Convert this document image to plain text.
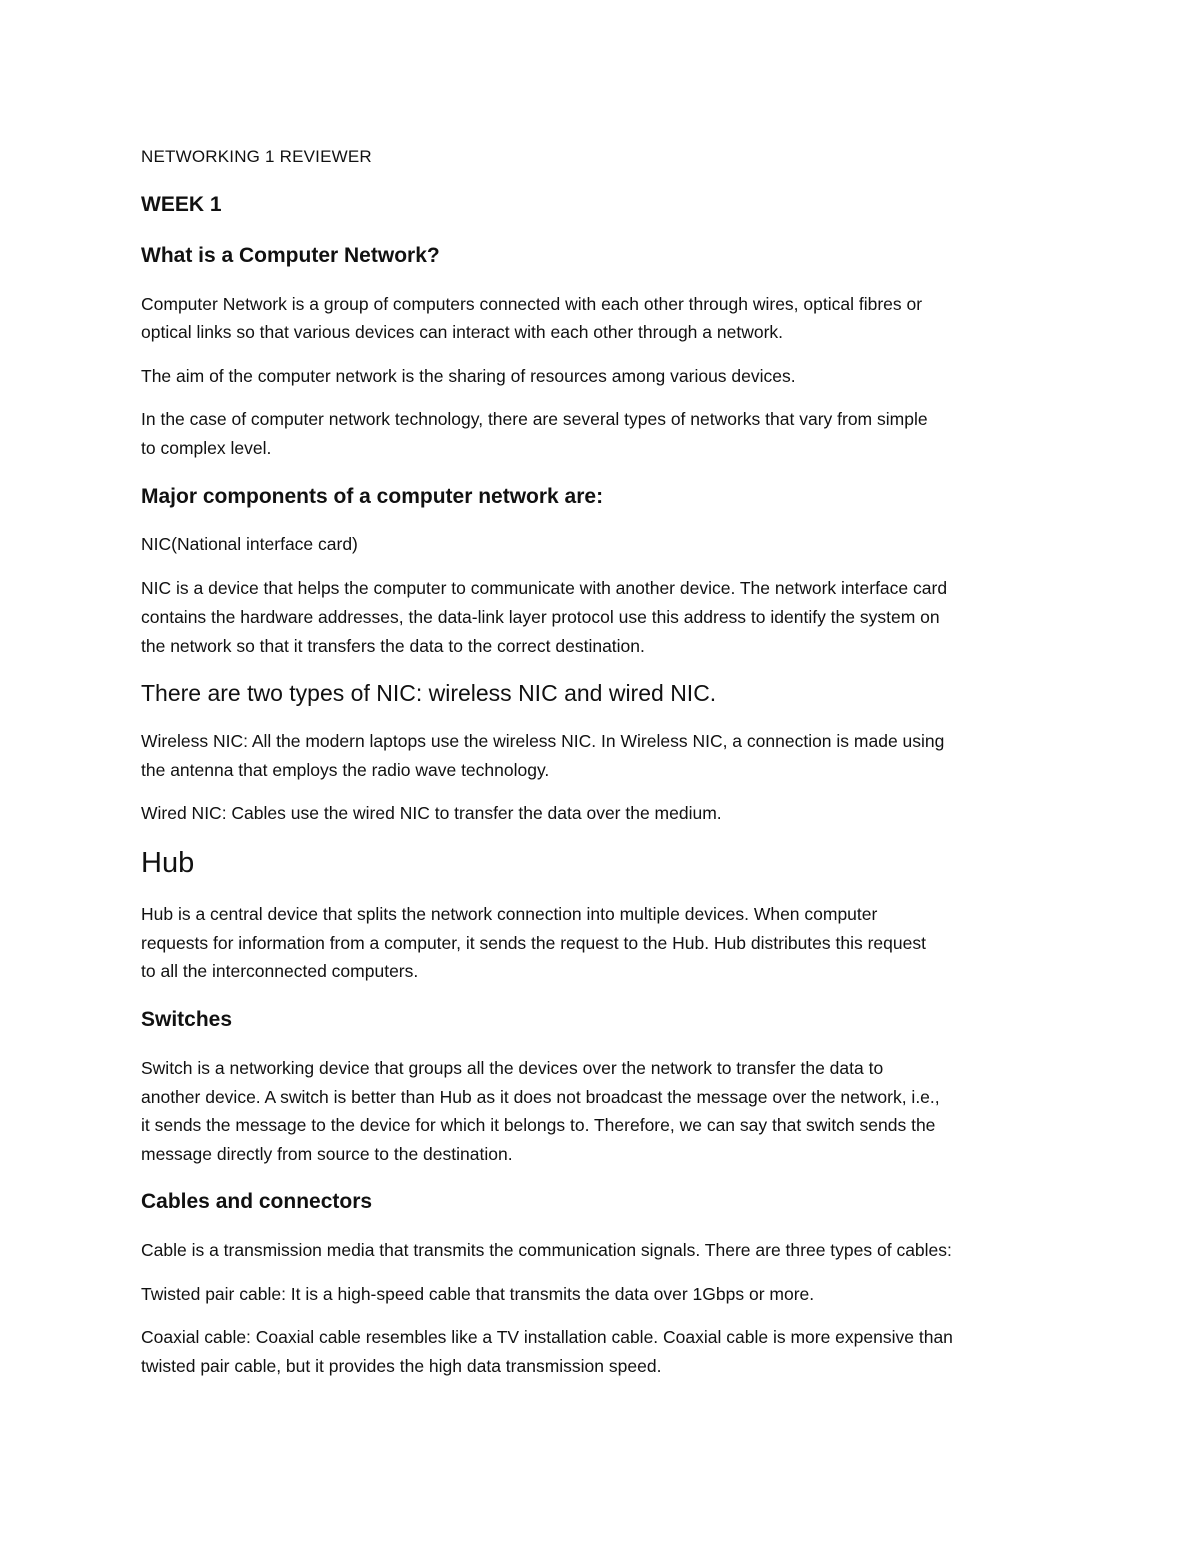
NETWORKING 1 REVIEWER

WEEK 1

What is a Computer Network?

Computer Network is a group of computers connected with each other through wires, optical fibres or

optical links so that various devices can interact with each other through a network.

The aim of the computer network is the sharing of resources among various devices.

In the case of computer network technology, there are several types of networks that vary from simple

to complex level.

Major components of a computer network are:

NIC(National interface card)

NIC is a device that helps the computer to communicate with another device. The network interface card

contains the hardware addresses, the data-link layer protocol use this address to identify the system on

the network so that it transfers the data to the correct destination.

There are two types of NIC: wireless NIC and wired NIC.

Wireless NIC: All the modern laptops use the wireless NIC. In Wireless NIC, a connection is made using

the antenna that employs the radio wave technology.

Wired NIC: Cables use the wired NIC to transfer the data over the medium.

Hub

Hub is a central device that splits the network connection into multiple devices. When computer

requests for information from a computer, it sends the request to the Hub. Hub distributes this request

to all the interconnected computers.

Switches

Switch is a networking device that groups all the devices over the network to transfer the data to

another device. A switch is better than Hub as it does not broadcast the message over the network, i.e.,

it sends the message to the device for which it belongs to. Therefore, we can say that switch sends the

message directly from source to the destination.

Cables and connectors

Cable is a transmission media that transmits the communication signals. There are three types of cables:

Twisted pair cable: It is a high-speed cable that transmits the data over 1Gbps or more.

Coaxial cable: Coaxial cable resembles like a TV installation cable. Coaxial cable is more expensive than

twisted pair cable, but it provides the high data transmission speed.
